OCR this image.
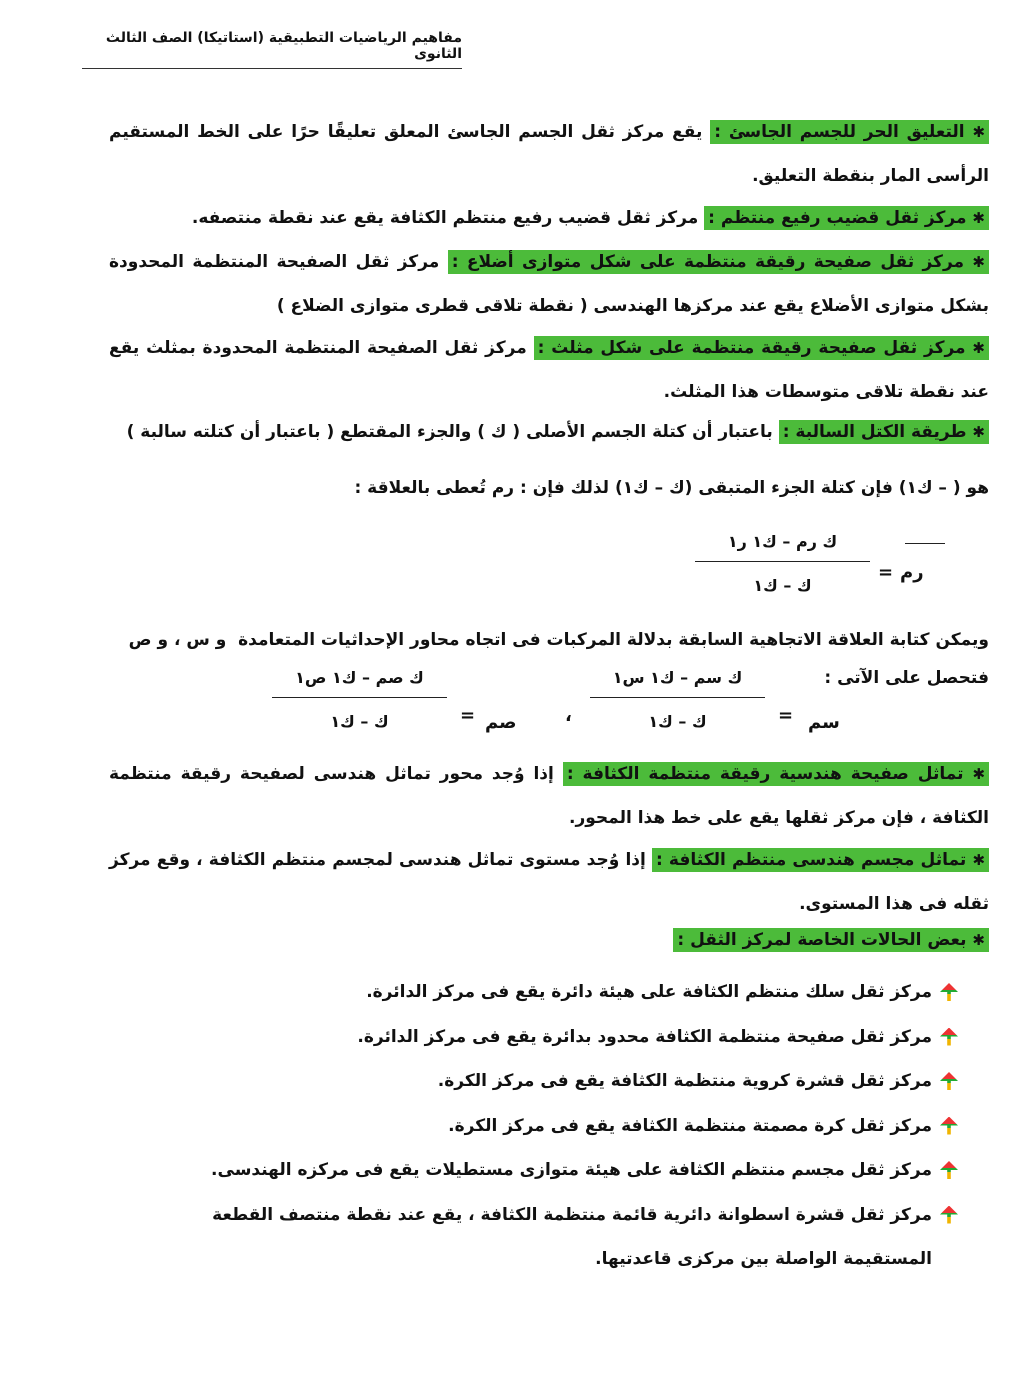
مفاهيم الرياضيات التطبيقية (استاتيكا) الصف الثالث الثانوى
✱ التعليق الحر للجسم الجاسئ : يقع مركز ثقل الجسم الجاسئ المعلق تعليقًا حرًا على الخط المستقيم الرأسى المار بنقطة التعليق.
✱ مركز ثقل قضيب رفيع منتظم : مركز ثقل قضيب رفيع منتظم الكثافة يقع عند نقطة منتصفه.
✱ مركز ثقل صفيحة رقيقة منتظمة على شكل متوازى أضلاع : مركز ثقل الصفيحة المنتظمة المحدودة بشكل متوازى الأضلاع يقع عند مركزها الهندسى ( نقطة تلاقى قطرى متوازى الضلاع )
✱ مركز ثقل صفيحة رقيقة منتظمة على شكل مثلث : مركز ثقل الصفيحة المنتظمة المحدودة بمثلث يقع عند نقطة تلاقى متوسطات هذا المثلث.
✱ طريقة الكتل السالبة : باعتبار أن كتلة الجسم الأصلى ( ك ) والجزء المقتطع ( باعتبار أن كتلته سالبة )
هو ( – ك١) فإن كتلة الجزء المتبقى (ك – ك١) لذلك فإن : رم تُعطى بالعلاقة :
رم
=
ك رم – ك١ ر١
ك – ك١
ويمكن كتابة العلاقة الاتجاهية السابقة بدلالة المركبات فى اتجاه محاور الإحداثيات المتعامدة  و س ، و ص
فتحصل على الآتى :
سم
=
ك سم – ك١ س١
ك – ك١
،
صم
=
ك صم – ك١ ص١
ك – ك١
✱ تماثل صفيحة هندسية رقيقة منتظمة الكثافة : إذا وُجد محور تماثل هندسى لصفيحة رقيقة منتظمة الكثافة ، فإن مركز ثقلها يقع على خط هذا المحور.
✱ تماثل مجسم هندسى منتظم الكثافة : إذا وُجد مستوى تماثل هندسى لمجسم منتظم الكثافة ، وقع مركز ثقله فى هذا المستوى.
✱ بعض الحالات الخاصة لمركز الثقل :
مركز ثقل سلك منتظم الكثافة على هيئة دائرة يقع فى مركز الدائرة.
مركز ثقل صفيحة منتظمة الكثافة محدود بدائرة يقع فى مركز الدائرة.
مركز ثقل قشرة كروية منتظمة الكثافة يقع فى مركز الكرة.
مركز ثقل كرة مصمتة منتظمة الكثافة يقع فى مركز الكرة.
مركز ثقل مجسم منتظم الكثافة على هيئة متوازى مستطيلات يقع فى مركزه الهندسى.
مركز ثقل قشرة اسطوانة دائرية قائمة منتظمة الكثافة ، يقع عند نقطة منتصف القطعة المستقيمة الواصلة بين مركزى قاعدتيها.
